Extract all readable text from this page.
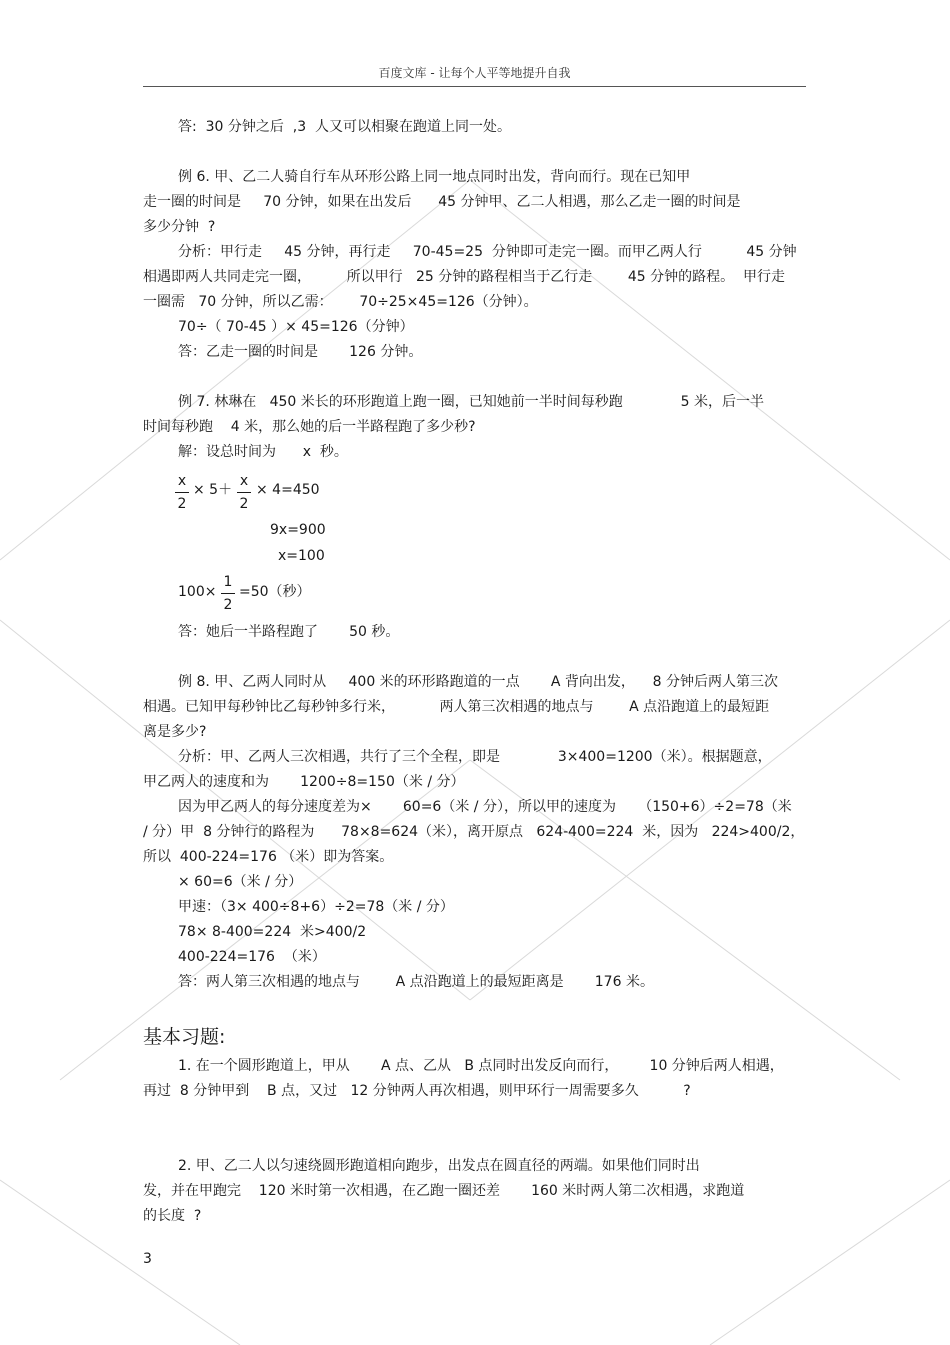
百度文库 - 让每个人平等地提升自我
答:  30 分钟之后  ,3  人又可以相聚在跑道上同一处。
例 6. 甲、乙二人骑自行车从环形公路上同一地点同时出发，背向而行。现在已知甲
走一圈的时间是     70 分钟，如果在出发后      45 分钟甲、乙二人相遇，那么乙走一圈的时间是
多少分钟  ?
分析：甲行走     45 分钟，再行走     70-45=25  分钟即可走完一圈。而甲乙两人行          45 分钟
相遇即两人共同走完一圈，        所以甲行   25 分钟的路程相当于乙行走        45 分钟的路程。  甲行走
一圈需   70 分钟，所以乙需：      70÷25×45=126（分钟）。
70÷（ 70-45 ）× 45=126（分钟）
答：乙走一圈的时间是       126 分钟。
例 7. 林琳在   450 米长的环形跑道上跑一圈，已知她前一半时间每秒跑             5 米，后一半
时间每秒跑    4 米，那么她的后一半路程跑了多少秒?
解：设总时间为      x  秒。
x
2
× 5＋
x
2
× 4=450
9x=900
x=100
100×
1
2
=50（秒）
答：她后一半路程跑了       50 秒。
例 8. 甲、乙两人同时从     400 米的环形路跑道的一点       A 背向出发，    8 分钟后两人第三次
相遇。已知甲每秒钟比乙每秒钟多行米，          两人第三次相遇的地点与        A 点沿跑道上的最短距
离是多少?
分析：甲、乙两人三次相遇，共行了三个全程，即是             3×400=1200（米）。根据题意，
甲乙两人的速度和为       1200÷8=150（米 / 分）
因为甲乙两人的每分速度差为×       60=6（米 / 分），所以甲的速度为     （150+6）÷2=78（米
/ 分）甲  8 分钟行的路程为      78×8=624（米），离开原点   624-400=224  米，因为   224>400/2，
所以  400-224=176 （米）即为答案。
× 60=6（米 / 分）
甲速：（3× 400÷8+6）÷2=78（米 / 分）
78× 8-400=224  米>400/2
400-224=176  （米）
答：两人第三次相遇的地点与        A 点沿跑道上的最短距离是       176 米。
基本习题:
1. 在一个圆形跑道上，甲从       A 点、乙从   B 点同时出发反向而行，       10 分钟后两人相遇，
再过  8 分钟甲到    B 点，又过   12 分钟两人再次相遇，则甲环行一周需要多久          ?
2. 甲、乙二人以匀速绕圆形跑道相向跑步，出发点在圆直径的两端。如果他们同时出
发，并在甲跑完    120 米时第一次相遇，在乙跑一圈还差       160 米时两人第二次相遇，求跑道
的长度  ?
3
